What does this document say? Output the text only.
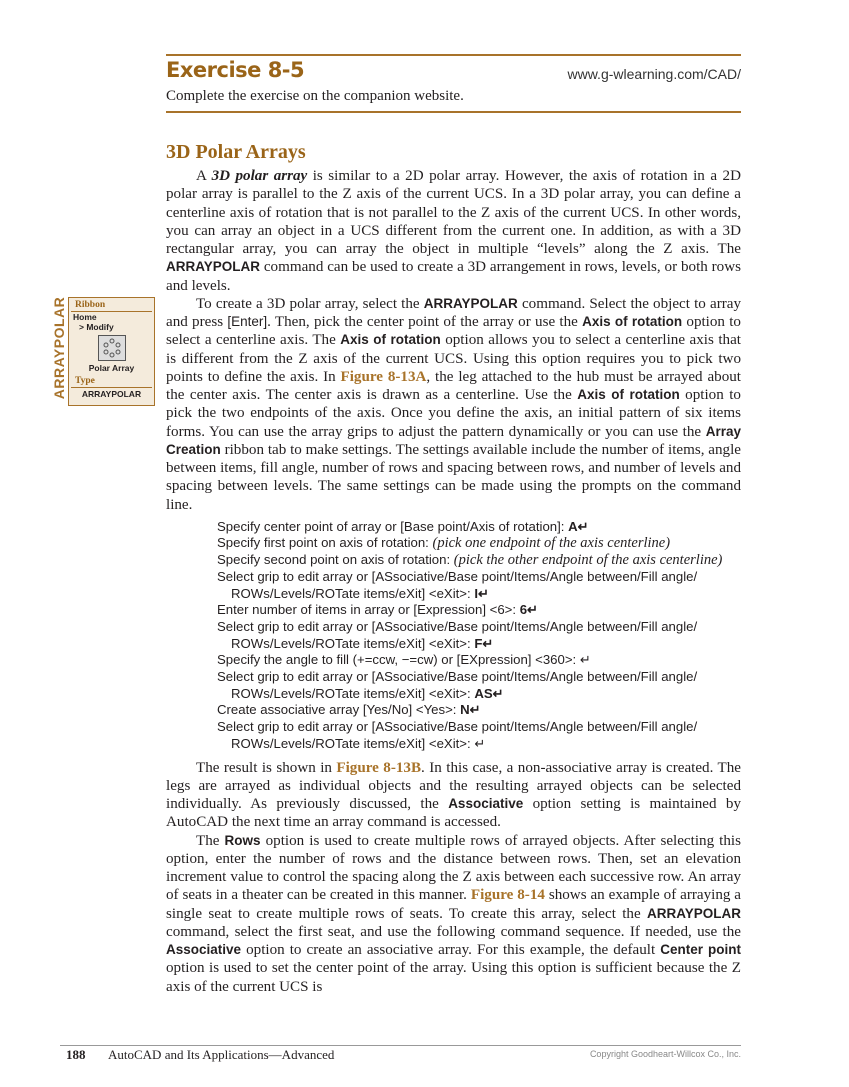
Exercise 8-5	www.g-wlearning.com/CAD/
Complete the exercise on the companion website.
3D Polar Arrays
ARRAYPOLAR Ribbon
Home
> Modify
Polar Array
Type
ARRAYPOLAR

A 3D polar array is similar to a 2D polar array. However, the axis of rotation in a 2D polar array is parallel to the Z axis of the current UCS. In a 3D polar array, you can define a centerline axis of rotation that is not parallel to the Z axis of the current UCS. In other words, you can array an object in a UCS different from the current one. In addition, as with a 3D rectangular array, you can array the object in multiple “levels” along the Z axis. The ARRAYPOLAR command can be used to create a 3D arrangement in rows, levels, or both rows and levels.

To create a 3D polar array, select the ARRAYPOLAR command. Select the object to array and press [Enter]. Then, pick the center point of the array or use the Axis of rotation option to select a centerline axis. The Axis of rotation option allows you to select a centerline axis that is different from the Z axis of the current UCS. Using this option requires you to pick two points to define the axis. In Figure 8-13A, the leg attached to the hub must be arrayed about the center axis. The center axis is drawn as a centerline. Use the Axis of rotation option to pick the two endpoints of the axis. Once you define the axis, an initial pattern of six items forms. You can use the array grips to adjust the pattern dynamically or you can use the Array Creation ribbon tab to make settings. The settings available include the number of items, angle between items, fill angle, number of rows and spacing between rows, and number of levels and spacing between levels. The same settings can be made using the prompts on the command line.

Specify center point of array or [Base point/Axis of rotation]: A↵
Specify first point on axis of rotation: (pick one endpoint of the axis centerline)
Specify second point on axis of rotation: (pick the other endpoint of the axis centerline)
Select grip to edit array or [ASsociative/Base point/Items/Angle between/Fill angle/ ROWs/Levels/ROTate items/eXit] <eXit>: I↵
Enter number of items in array or [Expression] <6>: 6↵
Select grip to edit array or [ASsociative/Base point/Items/Angle between/Fill angle/ ROWs/Levels/ROTate items/eXit] <eXit>: F↵
Specify the angle to fill (+=ccw, −=cw) or [EXpression] <360>: ↵
Select grip to edit array or [ASsociative/Base point/Items/Angle between/Fill angle/ ROWs/Levels/ROTate items/eXit] <eXit>: AS↵
Create associative array [Yes/No] <Yes>: N↵
Select grip to edit array or [ASsociative/Base point/Items/Angle between/Fill angle/ ROWs/Levels/ROTate items/eXit] <eXit>: ↵

The result is shown in Figure 8-13B. In this case, a non-associative array is created. The legs are arrayed as individual objects and the resulting arrayed objects can be selected individually. As previously discussed, the Associative option setting is maintained by AutoCAD the next time an array command is accessed.

The Rows option is used to create multiple rows of arrayed objects. After selecting this option, enter the number of rows and the distance between rows. Then, set an elevation increment value to control the spacing along the Z axis between each successive row. An array of seats in a theater can be created in this manner. Figure 8-14 shows an example of arraying a single seat to create multiple rows of seats. To create this array, select the ARRAYPOLAR command, select the first seat, and use the following command sequence. If needed, use the Associative option to create an associative array. For this example, the default Center point option is used to set the center point of the array. Using this option is sufficient because the Z axis of the current UCS is

188 AutoCAD and Its Applications—Advanced	Copyright Goodheart-Willcox Co., Inc.
